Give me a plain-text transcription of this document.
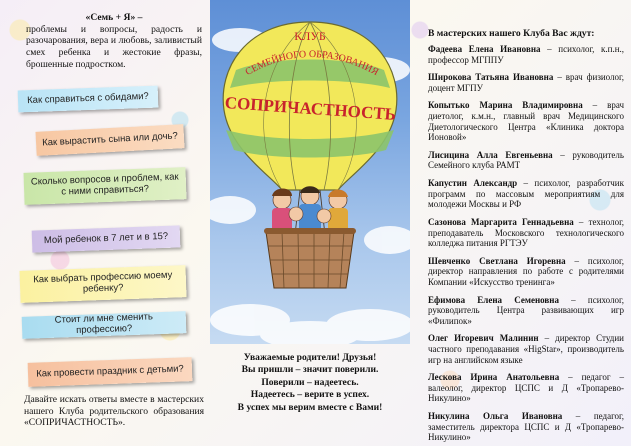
«Семь + Я» –
проблемы и вопросы, радость и разочарования, вера и любовь, заливистый смех ребенка и жестокие фразы, брошенные подростком.
Как справиться с обидами?
Как вырастить сына или дочь?
Сколько вопросов и проблем, как с ними справиться?
Мой ребенок в 7 лет и в 15?
Как выбрать профессию моему ребенку?
Стоит ли мне сменить профессию?
Как провести праздник с детьми?
Давайте искать ответы вместе в мастерских нашего Клуба родительского образования «СОПРИЧАСТНОСТЬ».
КЛУБ
СЕМЕЙНОГО ОБРАЗОВАНИЯ
СОПРИЧАСТНОСТЬ
Уважаемые родители! Друзья!
Вы пришли – значит поверили.
Поверили – надеетесь.
Надеетесь – верите в успех.
В успех мы верим вместе с Вами!
В мастерских нашего Клуба Вас ждут:
Фадеева Елена Ивановна – психолог, к.п.н., профессор МГППУ
Широкова Татьяна Ивановна – врач физиолог, доцент МГПУ
Копытько Марина Владимировна – врач диетолог, к.м.н., главный врач Медицинского Диетологического Центра «Клиника доктора Ионовой»
Лисицина Алла Евгеньевна – руководитель Семейного клуба РАМТ
Капустин Александр – психолог, разработчик программ по массовым мероприятиям для молодежи Москвы и РФ
Сазонова Маргарита Геннадьевна – технолог, преподаватель Московского технологического колледжа питания РГТЭУ
Шевченко Светлана Игоревна – психолог, директор направления по работе с родителями Компании «Искусство тренинга»
Ефимова Елена Семеновна – психолог, руководитель Центра развивающих игр «Филипок»
Олег Игоревич Малинин – директор Студии частного преподавания «HigStar», производитель игр на английском языке
Лескова Ирина Анатольевна – педагог – валеолог, директор ЦСПС и Д «Тропарево-Никулино»
Никулина Ольга Ивановна – педагог, заместитель директора ЦСПС и Д «Тропарево-Никулино»
